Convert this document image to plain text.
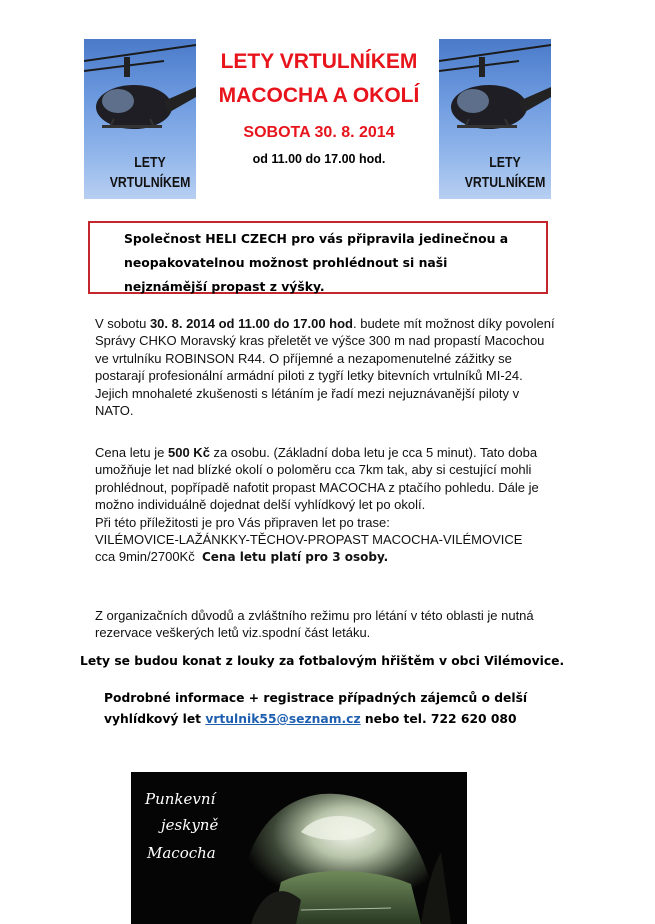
LETY
VRTULNÍKEM
LETY
VRTULNÍKEM
LETY VRTULNÍKEM
MACOCHA A OKOLÍ
SOBOTA 30. 8. 2014
od 11.00 do 17.00 hod.

Společnost HELI CZECH pro vás připravila jedinečnou a neopakovatelnou možnost prohlédnout si naši nejznámější propast z výšky.

V sobotu 30. 8. 2014 od 11.00 do 17.00 hod. budete mít možnost díky povolení Správy CHKO Moravský kras přeletět ve výšce 300 m nad propastí Macochou ve vrtulníku ROBINSON R44. O příjemné a nezapomenutelné zážitky se postarají profesionální armádní piloti z tygří letky bitevních vrtulníků MI-24. Jejich mnohaleté zkušenosti s létáním je řadí mezi nejuznávanější piloty v NATO.
Cena letu je 500 Kč za osobu. (Základní doba letu je cca 5 minut). Tato doba umožňuje let nad blízké okolí o poloměru cca 7km tak, aby si cestující mohli prohlédnout, popřípadě nafotit propast MACOCHA z ptačího pohledu. Dále je možno individuálně dojednat delší vyhlídkový let po okolí.
Při této příležitosti je pro Vás připraven let po trase:
VILÉMOVICE-LAŽÁNKKY-TĚCHOV-PROPAST MACOCHA-VILÉMOVICE
cca 9min/2700Kč Cena letu platí pro 3 osoby.
Z organizačních důvodů a zvláštního režimu pro létání v této oblasti je nutná rezervace veškerých letů viz.spodní část letáku.
Lety se budou konat z louky za fotbalovým hřištěm v obci Vilémovice.
Podrobné informace + registrace případných zájemců o delší vyhlídkový let vrtulnik55@seznam.cz nebo tel. 722 620 080
Punkevní
jeskyně
Macocha
